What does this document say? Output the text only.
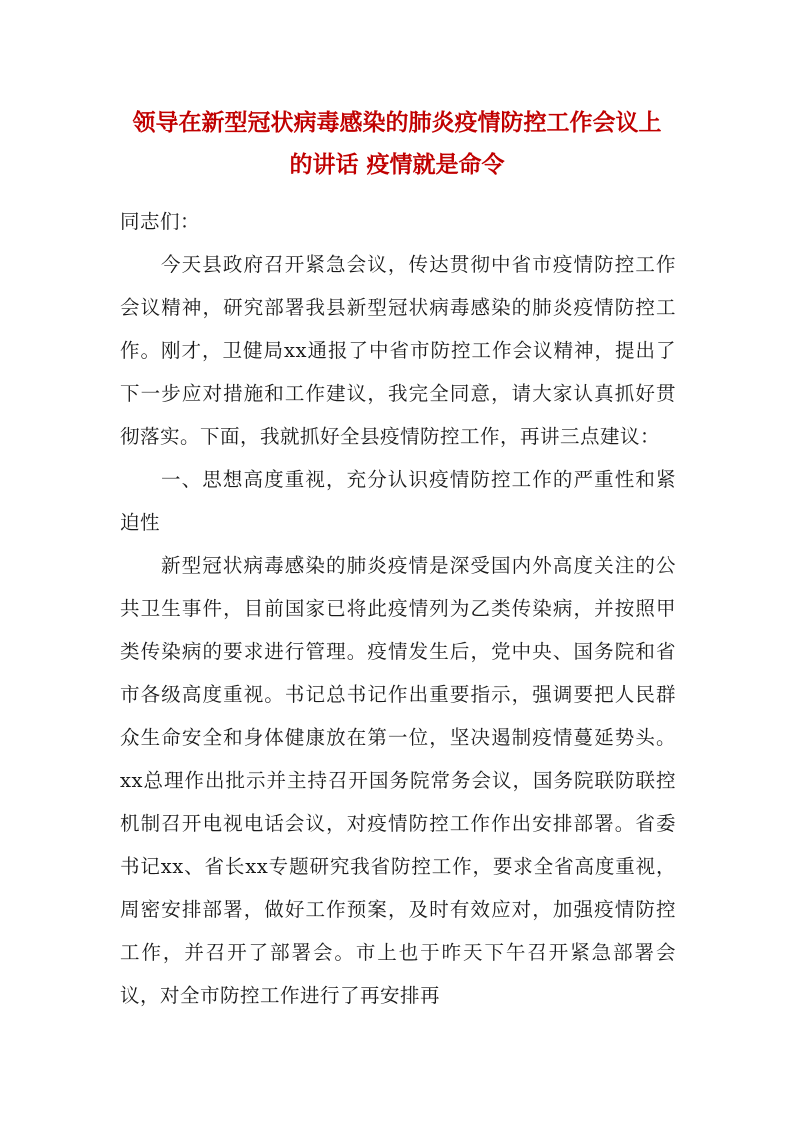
领导在新型冠状病毒感染的肺炎疫情防控工作会议上
的讲话 疫情就是命令

同志们：

今天县政府召开紧急会议，传达贯彻中省市疫情防控工作会议精神，研究部署我县新型冠状病毒感染的肺炎疫情防控工作。刚才，卫健局xx通报了中省市防控工作会议精神，提出了下一步应对措施和工作建议，我完全同意，请大家认真抓好贯彻落实。下面，我就抓好全县疫情防控工作，再讲三点建议：

一、思想高度重视，充分认识疫情防控工作的严重性和紧迫性

新型冠状病毒感染的肺炎疫情是深受国内外高度关注的公共卫生事件，目前国家已将此疫情列为乙类传染病，并按照甲类传染病的要求进行管理。疫情发生后，党中央、国务院和省市各级高度重视。书记总书记作出重要指示，强调要把人民群众生命安全和身体健康放在第一位，坚决遏制疫情蔓延势头。xx总理作出批示并主持召开国务院常务会议，国务院联防联控机制召开电视电话会议，对疫情防控工作作出安排部署。省委书记xx、省长xx专题研究我省防控工作，要求全省高度重视，周密安排部署，做好工作预案，及时有效应对，加强疫情防控工作，并召开了部署会。市上也于昨天下午召开紧急部署会议，对全市防控工作进行了再安排再
